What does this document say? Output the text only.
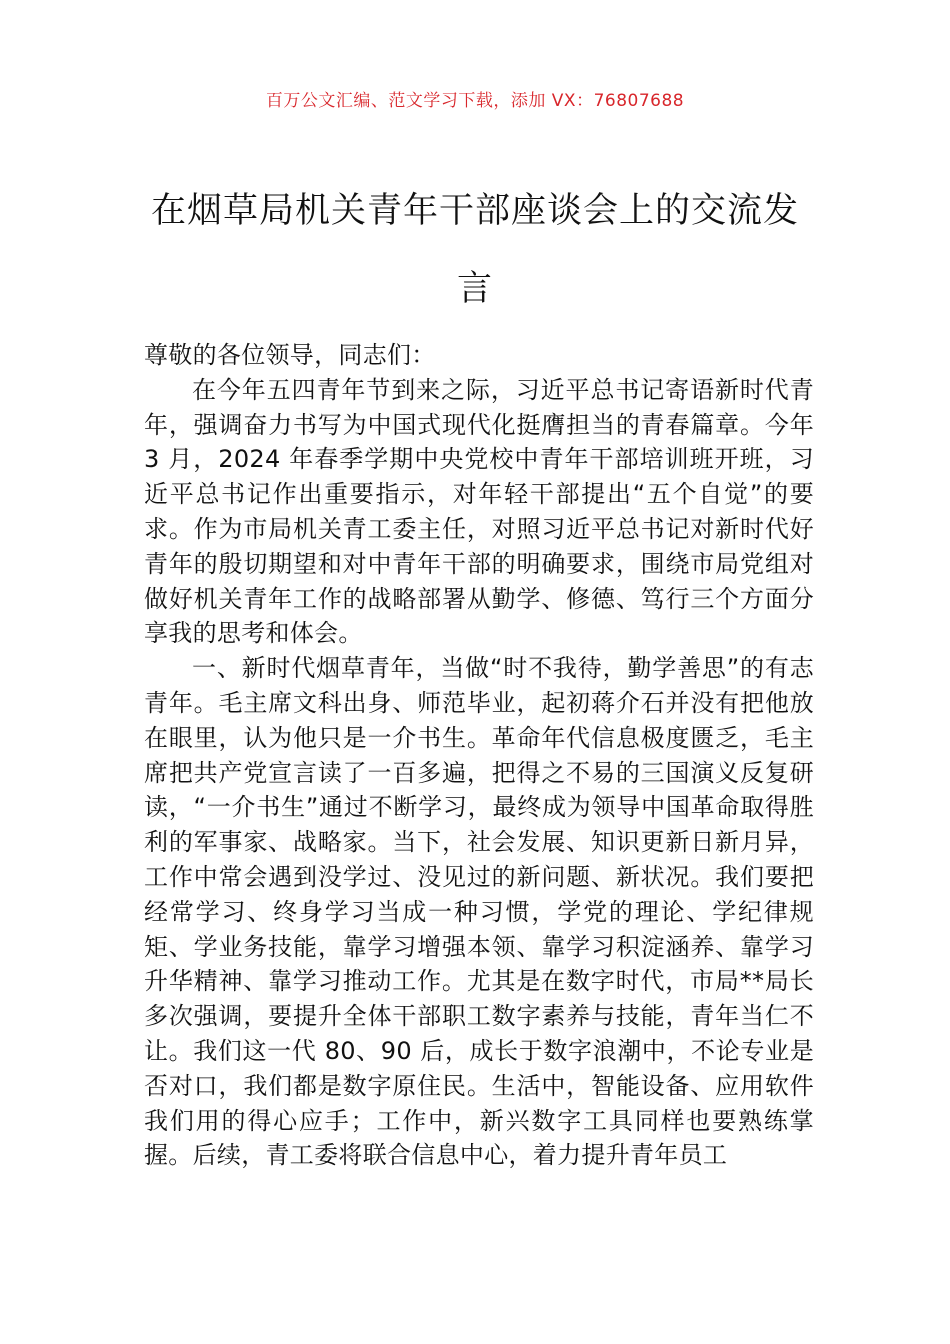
百万公文汇编、范文学习下载，添加 VX：76807688
在烟草局机关青年干部座谈会上的交流发言

尊敬的各位领导，同志们：

在今年五四青年节到来之际，习近平总书记寄语新时代青年，强调奋力书写为中国式现代化挺膺担当的青春篇章。今年 3 月，2024 年春季学期中央党校中青年干部培训班开班，习近平总书记作出重要指示，对年轻干部提出“五个自觉”的要求。作为市局机关青工委主任，对照习近平总书记对新时代好青年的殷切期望和对中青年干部的明确要求，围绕市局党组对做好机关青年工作的战略部署从勤学、修德、笃行三个方面分享我的思考和体会。

一、新时代烟草青年，当做“时不我待，勤学善思”的有志青年。毛主席文科出身、师范毕业，起初蒋介石并没有把他放在眼里，认为他只是一介书生。革命年代信息极度匮乏，毛主席把共产党宣言读了一百多遍，把得之不易的三国演义反复研读，“一介书生”通过不断学习，最终成为领导中国革命取得胜利的军事家、战略家。当下，社会发展、知识更新日新月异，工作中常会遇到没学过、没见过的新问题、新状况。我们要把经常学习、终身学习当成一种习惯，学党的理论、学纪律规矩、学业务技能，靠学习增强本领、靠学习积淀涵养、靠学习升华精神、靠学习推动工作。尤其是在数字时代，市局**局长多次强调，要提升全体干部职工数字素养与技能，青年当仁不让。我们这一代 80、90 后，成长于数字浪潮中，不论专业是否对口，我们都是数字原住民。生活中，智能设备、应用软件我们用的得心应手；工作中，新兴数字工具同样也要熟练掌握。后续，青工委将联合信息中心，着力提升青年员工
